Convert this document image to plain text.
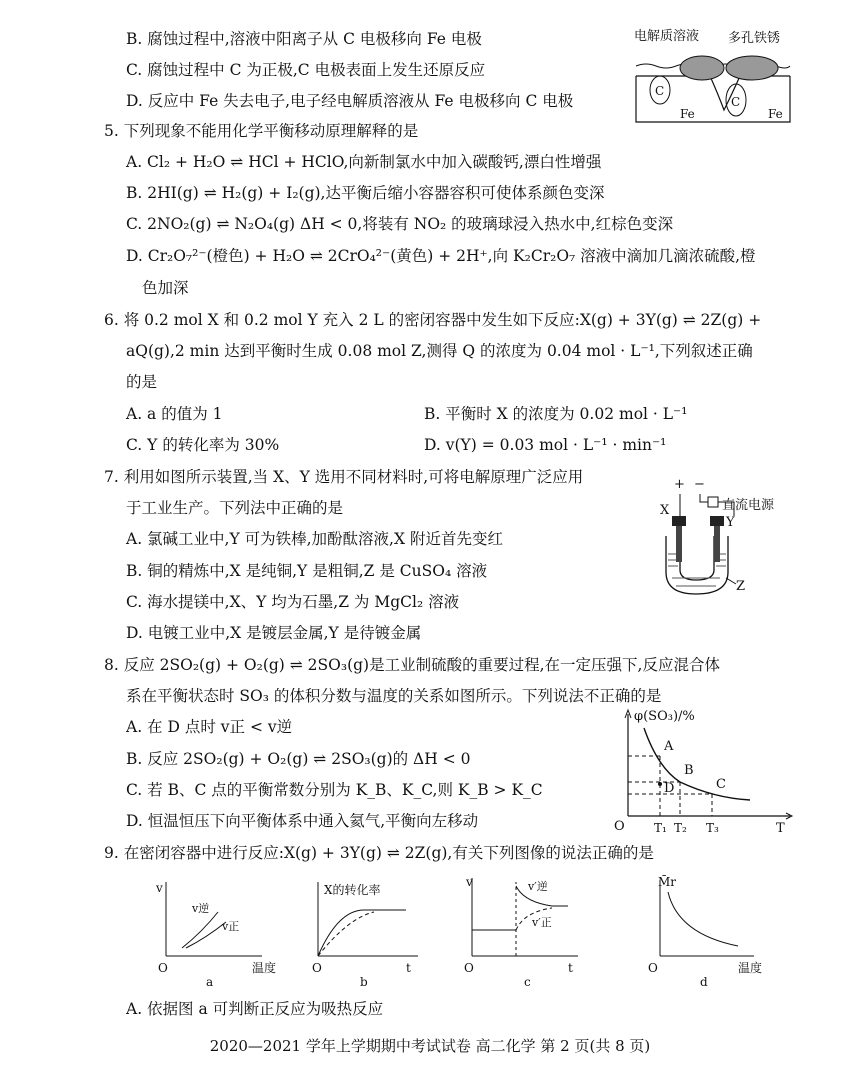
B. 腐蚀过程中,溶液中阳离子从 C 电极移向 Fe 电极
C. 腐蚀过程中 C 为正极,C 电极表面上发生还原反应
D. 反应中 Fe 失去电子,电子经电解质溶液从 Fe 电极移向 C 电极
电解质溶液 多孔铁锈
C
C
Fe	Fe
5. 下列现象不能用化学平衡移动原理解释的是
A. Cl₂ + H₂O ⇌ HCl + HClO,向新制氯水中加入碳酸钙,漂白性增强
B. 2HI(g) ⇌ H₂(g) + I₂(g),达平衡后缩小容器容积可使体系颜色变深
C. 2NO₂(g) ⇌ N₂O₄(g) ΔH < 0,将装有 NO₂ 的玻璃球浸入热水中,红棕色变深
D. Cr₂O₇²⁻(橙色) + H₂O ⇌ 2CrO₄²⁻(黄色) + 2H⁺,向 K₂Cr₂O₇ 溶液中滴加几滴浓硫酸,橙
色加深
6. 将 0.2 mol X 和 0.2 mol Y 充入 2 L 的密闭容器中发生如下反应:X(g) + 3Y(g) ⇌ 2Z(g) +
aQ(g),2 min 达到平衡时生成 0.08 mol Z,测得 Q 的浓度为 0.04 mol · L⁻¹,下列叙述正确
的是
A. a 的值为 1	B. 平衡时 X 的浓度为 0.02 mol · L⁻¹
C. Y 的转化率为 30%	D. v(Y) = 0.03 mol · L⁻¹ · min⁻¹
7. 利用如图所示装置,当 X、Y 选用不同材料时,可将电解原理广泛应用
于工业生产。下列法中正确的是
A. 氯碱工业中,Y 可为铁棒,加酚酞溶液,X 附近首先变红
B. 铜的精炼中,X 是纯铜,Y 是粗铜,Z 是 CuSO₄ 溶液
C. 海水提镁中,X、Y 均为石墨,Z 为 MgCl₂ 溶液
D. 电镀工业中,X 是镀层金属,Y 是待镀金属
+ −
直流电源
X
Y
Z
8. 反应 2SO₂(g) + O₂(g) ⇌ 2SO₃(g)是工业制硫酸的重要过程,在一定压强下,反应混合体
系在平衡状态时 SO₃ 的体积分数与温度的关系如图所示。下列说法不正确的是
A. 在 D 点时 v正 < v逆
B. 反应 2SO₂(g) + O₂(g) ⇌ 2SO₃(g)的 ΔH < 0
C. 若 B、C 点的平衡常数分别为 K_B、K_C,则 K_B > K_C
D. 恒温恒压下向平衡体系中通入氦气,平衡向左移动
φ(SO₃)/%
A
B
D	C
O T₁ T₂ T₃	T
9. 在密闭容器中进行反应:X(g) + 3Y(g) ⇌ 2Z(g),有关下列图像的说法正确的是
v
v逆
v正
O	温度
a
X的转化率
O	t
b
v	v′逆
v′正
O	t
c
M̄r
O	温度
d
A. 依据图 a 可判断正反应为吸热反应
2020—2021 学年上学期期中考试试卷 高二化学 第 2 页(共 8 页)
